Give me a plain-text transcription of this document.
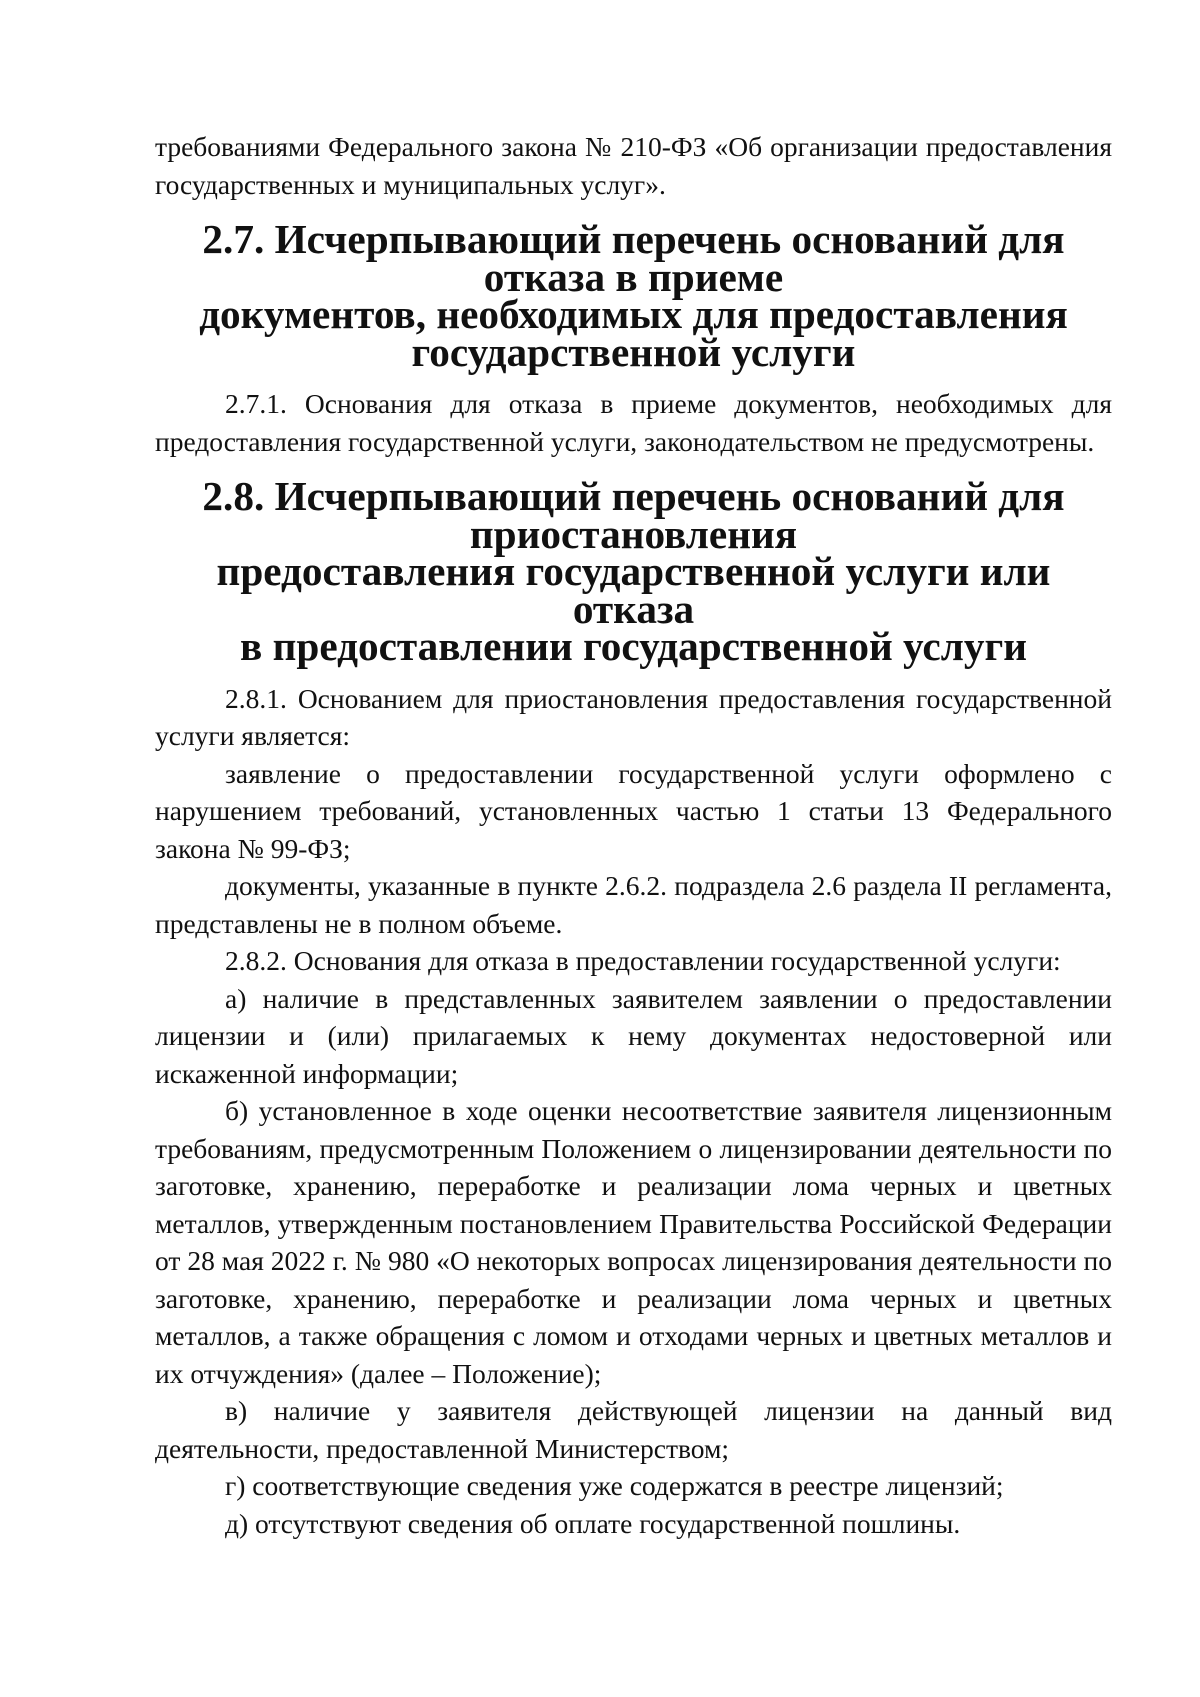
требованиями Федерального закона № 210-ФЗ «Об организации предоставления государственных и муниципальных услуг».

2.7. Исчерпывающий перечень оснований для отказа в приеме
документов, необходимых для предоставления
государственной услуги

2.7.1. Основания для отказа в приеме документов, необходимых для предоставления государственной услуги, законодательством не предусмотрены.

2.8. Исчерпывающий перечень оснований для приостановления
предоставления государственной услуги или отказа
в предоставлении государственной услуги

2.8.1. Основанием для приостановления предоставления государственной услуги является:

заявление о предоставлении государственной услуги оформлено с нарушением требований, установленных частью 1 статьи 13 Федерального закона № 99-ФЗ;

документы, указанные в пункте 2.6.2. подраздела 2.6 раздела II регламента, представлены не в полном объеме.

2.8.2. Основания для отказа в предоставлении государственной услуги:

а) наличие в представленных заявителем заявлении о предоставлении лицензии и (или) прилагаемых к нему документах недостоверной или искаженной информации;

б) установленное в ходе оценки несоответствие заявителя лицензионным требованиям, предусмотренным Положением о лицензировании деятельности по заготовке, хранению, переработке и реализации лома черных и цветных металлов, утвержденным постановлением Правительства Российской Федерации от 28 мая 2022 г. № 980 «О некоторых вопросах лицензирования деятельности по заготовке, хранению, переработке и реализации лома черных и цветных металлов, а также обращения с ломом и отходами черных и цветных металлов и их отчуждения» (далее – Положение);

в) наличие у заявителя действующей лицензии на данный вид деятельности, предоставленной Министерством;

г) соответствующие сведения уже содержатся в реестре лицензий;

д) отсутствуют сведения об оплате государственной пошлины.
